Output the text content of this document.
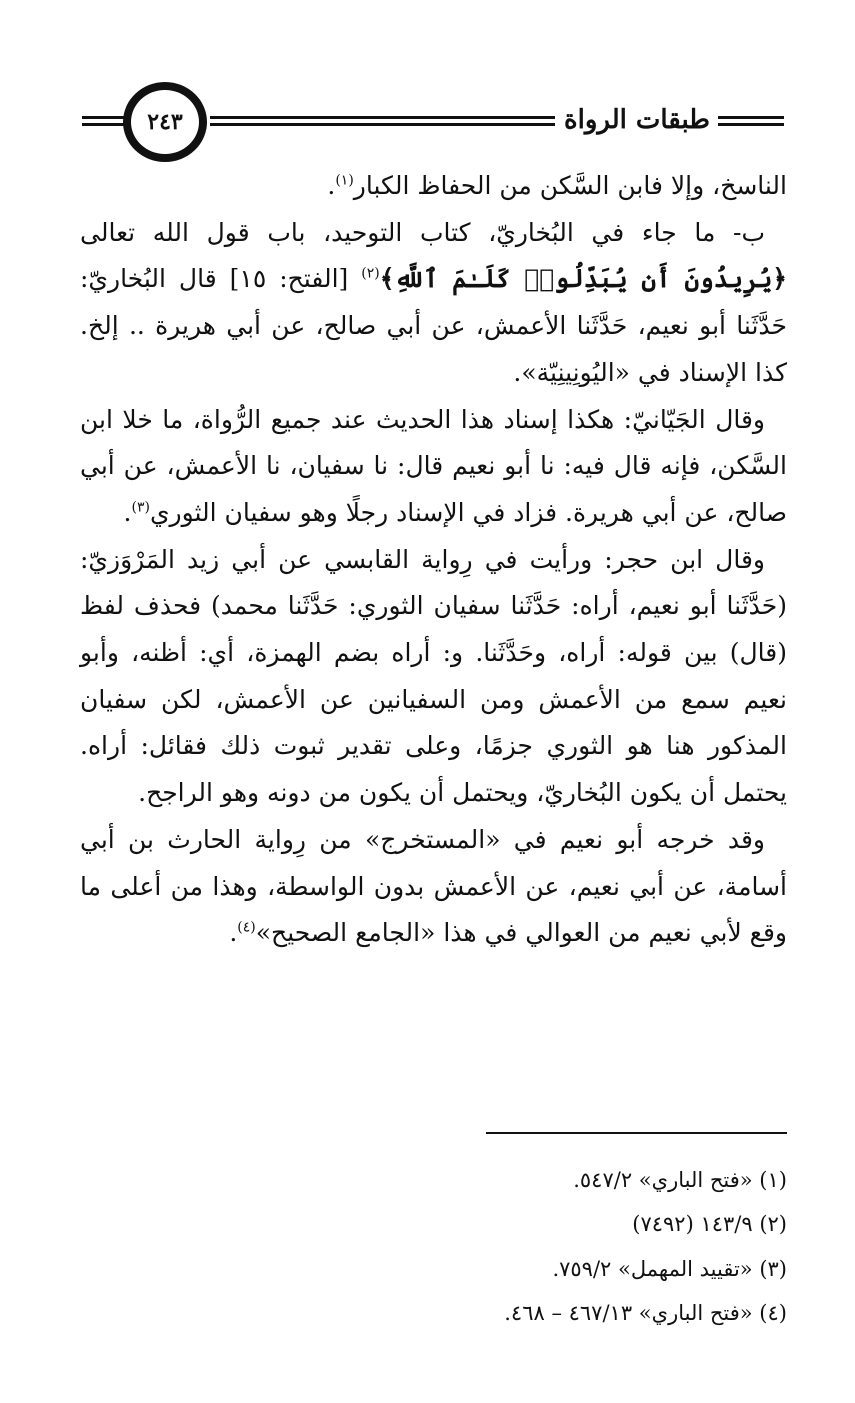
٢٤٣	طبقات الرواة

الناسخ، وإلا فابن السَّكن من الحفاظ الكبار$^{(١)}$.

ب- ما جاء في البُخاريّ، كتاب التوحيد، باب قول الله تعالى ﴿يُرِيدُونَ أَن يُبَدِّلُوا۟ كَلَـٰمَ ٱللَّهِ﴾$^{(٢)}$ [الفتح: ١٥] قال البُخاريّ: حَدَّثَنا أبو نعيم، حَدَّثَنا الأعمش، عن أبي صالح، عن أبي هريرة .. إلخ. كذا الإسناد في «اليُونِينِيّة».

وقال الجَيّانيّ: هكذا إسناد هذا الحديث عند جميع الرُّواة، ما خلا ابن السَّكن، فإنه قال فيه: نا أبو نعيم قال: نا سفيان، نا الأعمش، عن أبي صالح، عن أبي هريرة. فزاد في الإسناد رجلًا وهو سفيان الثوري$^{(٣)}$.

وقال ابن حجر: ورأيت في رِواية القابسي عن أبي زيد المَرْوَزيّ: (حَدَّثَنا أبو نعيم، أراه: حَدَّثَنا سفيان الثوري: حَدَّثَنا محمد) فحذف لفظ (قال) بين قوله: أراه، وحَدَّثَنا. و: أراه بضم الهمزة، أي: أظنه، وأبو نعيم سمع من الأعمش ومن السفيانين عن الأعمش، لكن سفيان المذكور هنا هو الثوري جزمًا، وعلى تقدير ثبوت ذلك فقائل: أراه. يحتمل أن يكون البُخاريّ، ويحتمل أن يكون من دونه وهو الراجح.

وقد خرجه أبو نعيم في «المستخرج» من رِواية الحارث بن أبي أسامة، عن أبي نعيم، عن الأعمش بدون الواسطة، وهذا من أعلى ما وقع لأبي نعيم من العوالي في هذا «الجامع الصحيح»$^{(٤)}$.

(١) «فتح الباري» ٥٤٧/٢.
(٢) ١٤٣/٩ (٧٤٩٢)
(٣) «تقييد المهمل» ٧٥٩/٢.
(٤) «فتح الباري» ٤٦٧/١٣ – ٤٦٨.
